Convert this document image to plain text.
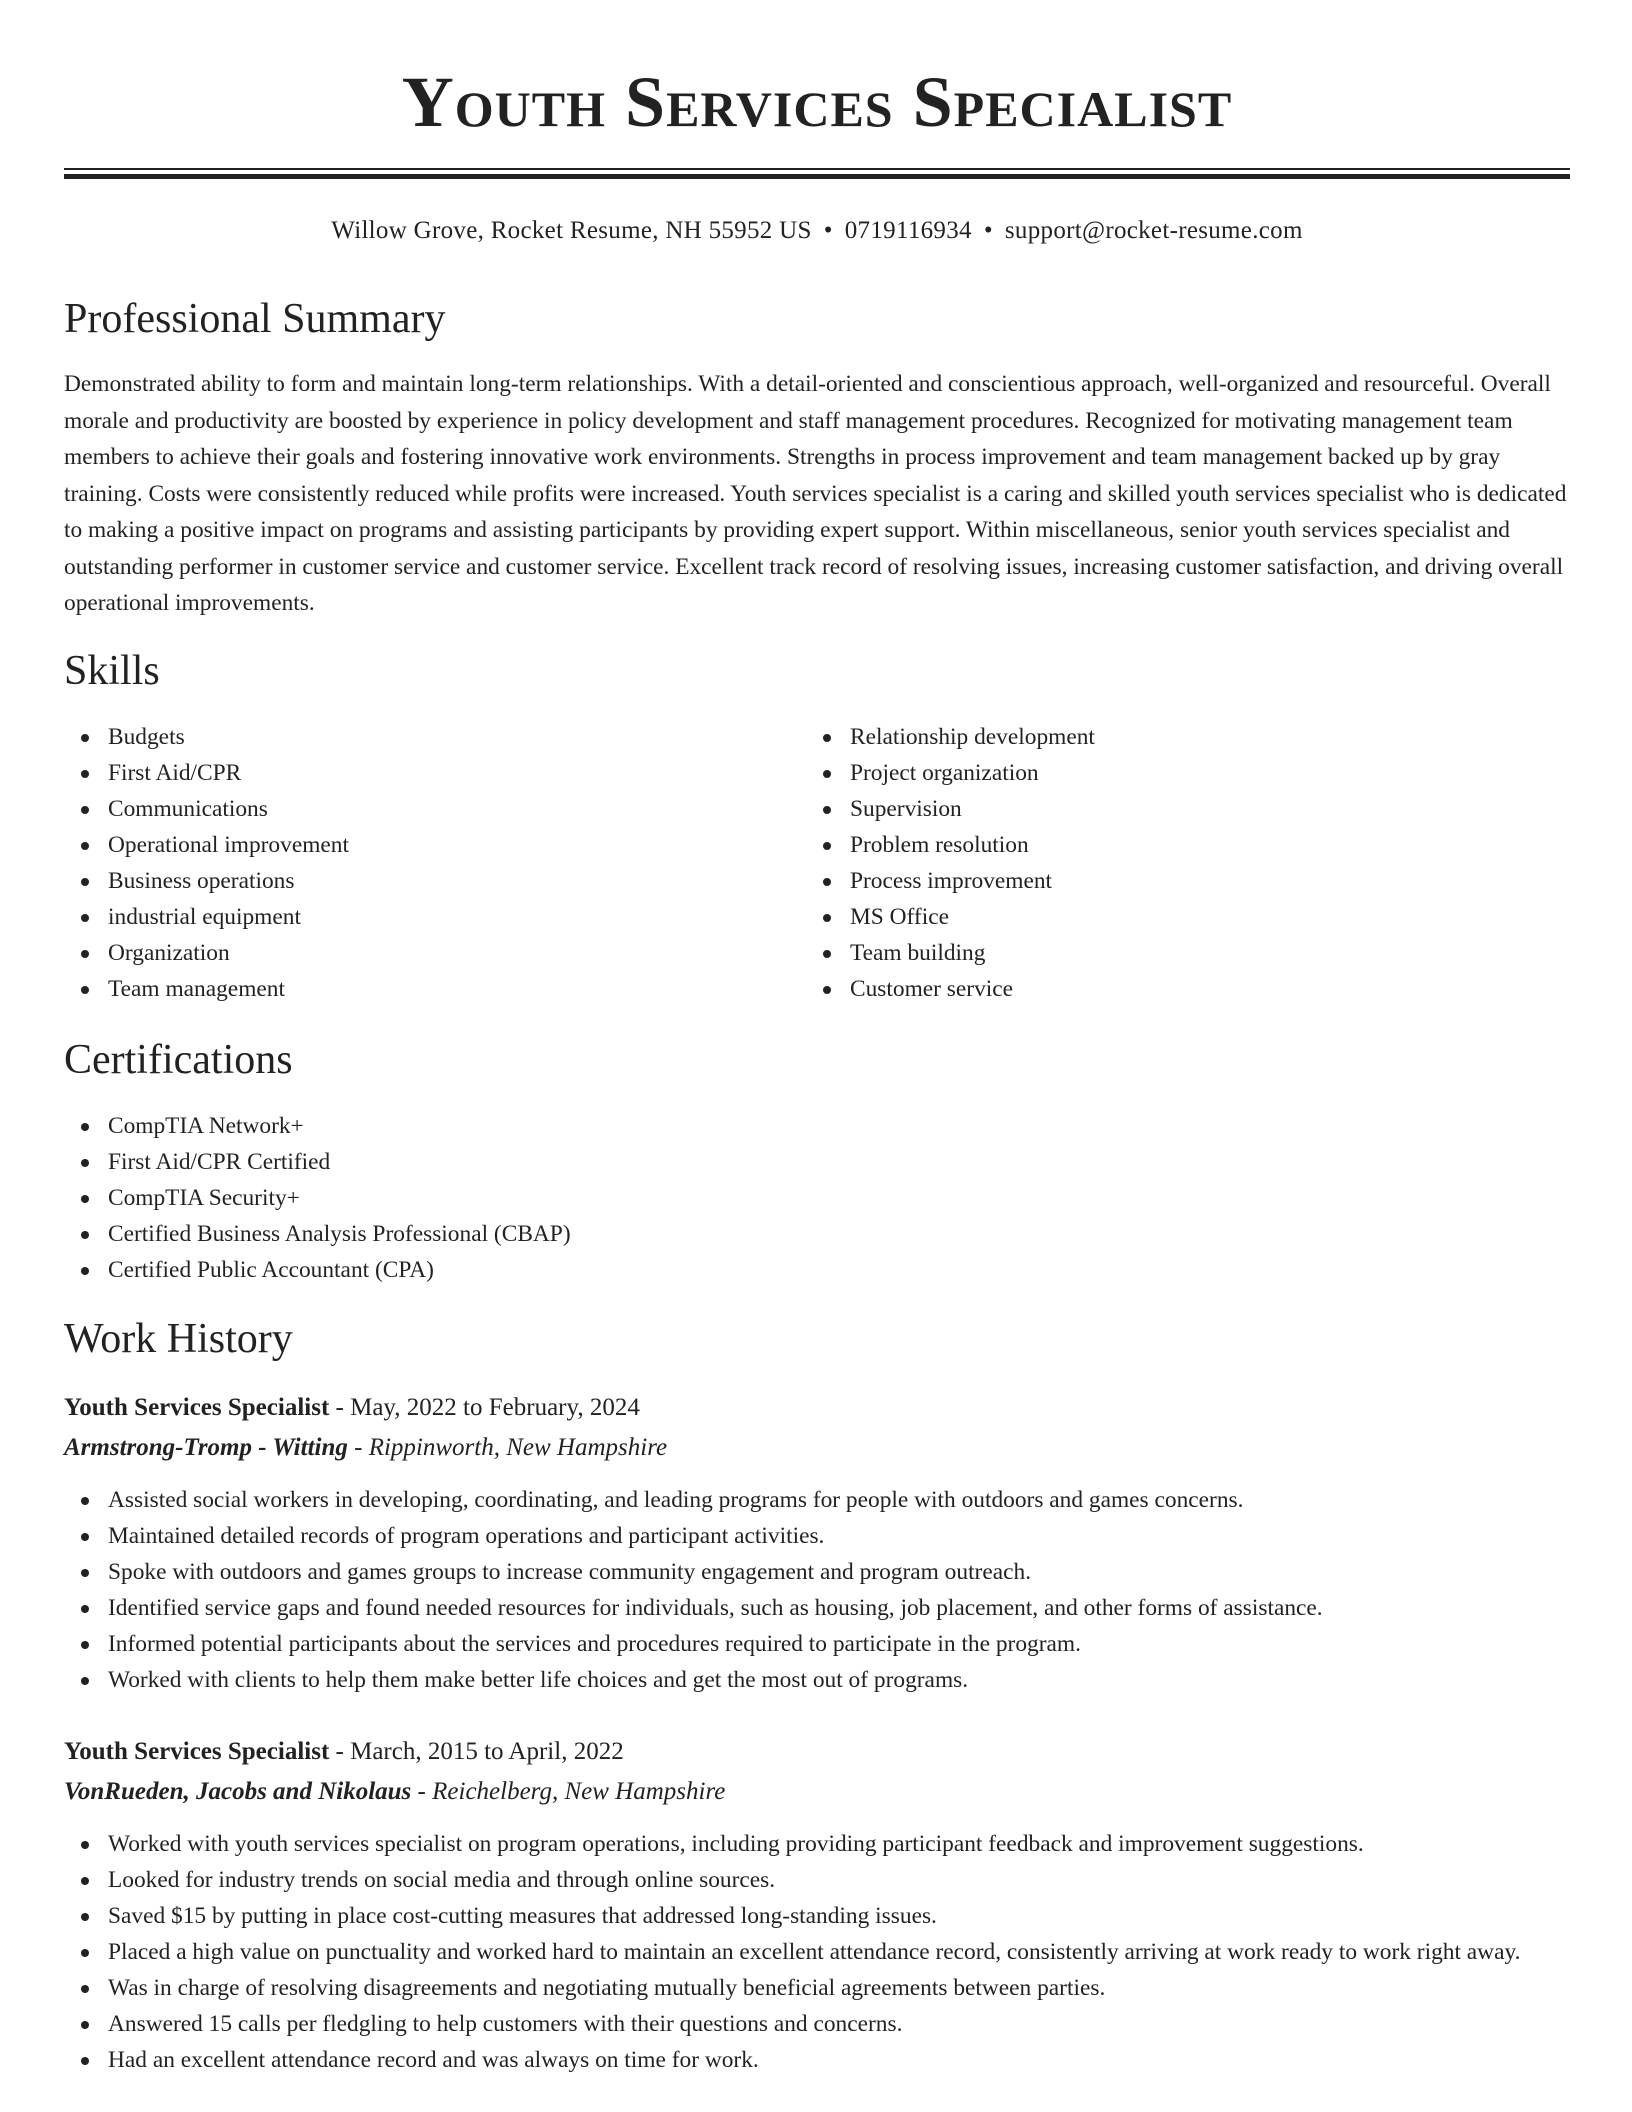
Youth Services Specialist
Willow Grove, Rocket Resume, NH 55952 US • 0719116934 • support@rocket-resume.com
Professional Summary

Demonstrated ability to form and maintain long-term relationships. With a detail-oriented and conscientious approach, well-organized and resourceful. Overall morale and productivity are boosted by experience in policy development and staff management procedures. Recognized for motivating management team members to achieve their goals and fostering innovative work environments. Strengths in process improvement and team management backed up by gray training. Costs were consistently reduced while profits were increased. Youth services specialist is a caring and skilled youth services specialist who is dedicated to making a positive impact on programs and assisting participants by providing expert support. Within miscellaneous, senior youth services specialist and outstanding performer in customer service and customer service. Excellent track record of resolving issues, increasing customer satisfaction, and driving overall operational improvements.

Skills
Budgets
First Aid/CPR
Communications
Operational improvement
Business operations
industrial equipment
Organization
Team management
Relationship development
Project organization
Supervision
Problem resolution
Process improvement
MS Office
Team building
Customer service
Certifications
CompTIA Network+
First Aid/CPR Certified
CompTIA Security+
Certified Business Analysis Professional (CBAP)
Certified Public Accountant (CPA)
Work History
Youth Services Specialist - May, 2022 to February, 2024
Armstrong-Tromp - Witting - Rippinworth, New Hampshire
Assisted social workers in developing, coordinating, and leading programs for people with outdoors and games concerns.
Maintained detailed records of program operations and participant activities.
Spoke with outdoors and games groups to increase community engagement and program outreach.
Identified service gaps and found needed resources for individuals, such as housing, job placement, and other forms of assistance.
Informed potential participants about the services and procedures required to participate in the program.
Worked with clients to help them make better life choices and get the most out of programs.
Youth Services Specialist - March, 2015 to April, 2022
VonRueden, Jacobs and Nikolaus - Reichelberg, New Hampshire
Worked with youth services specialist on program operations, including providing participant feedback and improvement suggestions.
Looked for industry trends on social media and through online sources.
Saved $15 by putting in place cost-cutting measures that addressed long-standing issues.
Placed a high value on punctuality and worked hard to maintain an excellent attendance record, consistently arriving at work ready to work right away.
Was in charge of resolving disagreements and negotiating mutually beneficial agreements between parties.
Answered 15 calls per fledgling to help customers with their questions and concerns.
Had an excellent attendance record and was always on time for work.
